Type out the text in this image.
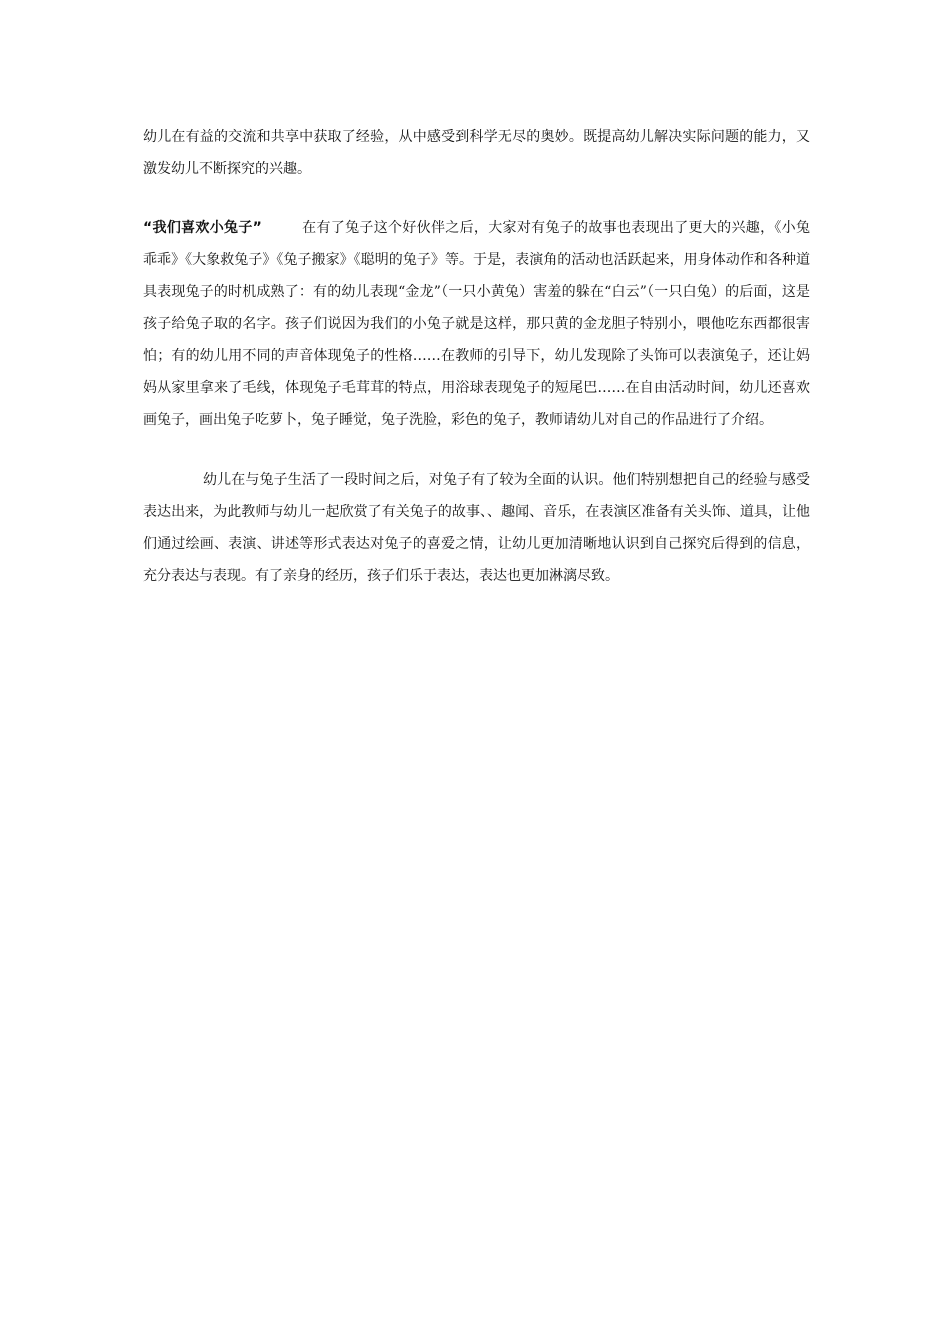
幼儿在有益的交流和共享中获取了经验，从中感受到科学无尽的奥妙。既提高幼儿解决实际问题的能力，又激发幼儿不断探究的兴趣。

“我们喜欢小兔子”	在有了兔子这个好伙伴之后，大家对有兔子的故事也表现出了更大的兴趣，《小兔乖乖》《大象救兔子》《兔子搬家》《聪明的兔子》等。于是，表演角的活动也活跃起来，用身体动作和各种道具表现兔子的时机成熟了：有的幼儿表现“金龙”（一只小黄兔）害羞的躲在“白云”（一只白兔）的后面，这是孩子给兔子取的名字。孩子们说因为我们的小兔子就是这样，那只黄的金龙胆子特别小，喂他吃东西都很害怕；有的幼儿用不同的声音体现兔子的性格……在教师的引导下，幼儿发现除了头饰可以表演兔子，还让妈妈从家里拿来了毛线，体现兔子毛茸茸的特点，用浴球表现兔子的短尾巴……在自由活动时间，幼儿还喜欢画兔子，画出兔子吃萝卜，兔子睡觉，兔子洗脸，彩色的兔子，教师请幼儿对自己的作品进行了介绍。

幼儿在与兔子生活了一段时间之后，对兔子有了较为全面的认识。他们特别想把自己的经验与感受表达出来，为此教师与幼儿一起欣赏了有关兔子的故事、、趣闻、音乐，在表演区准备有关头饰、道具，让他们通过绘画、表演、讲述等形式表达对兔子的喜爱之情，让幼儿更加清晰地认识到自己探究后得到的信息，充分表达与表现。有了亲身的经历，孩子们乐于表达，表达也更加淋漓尽致。
